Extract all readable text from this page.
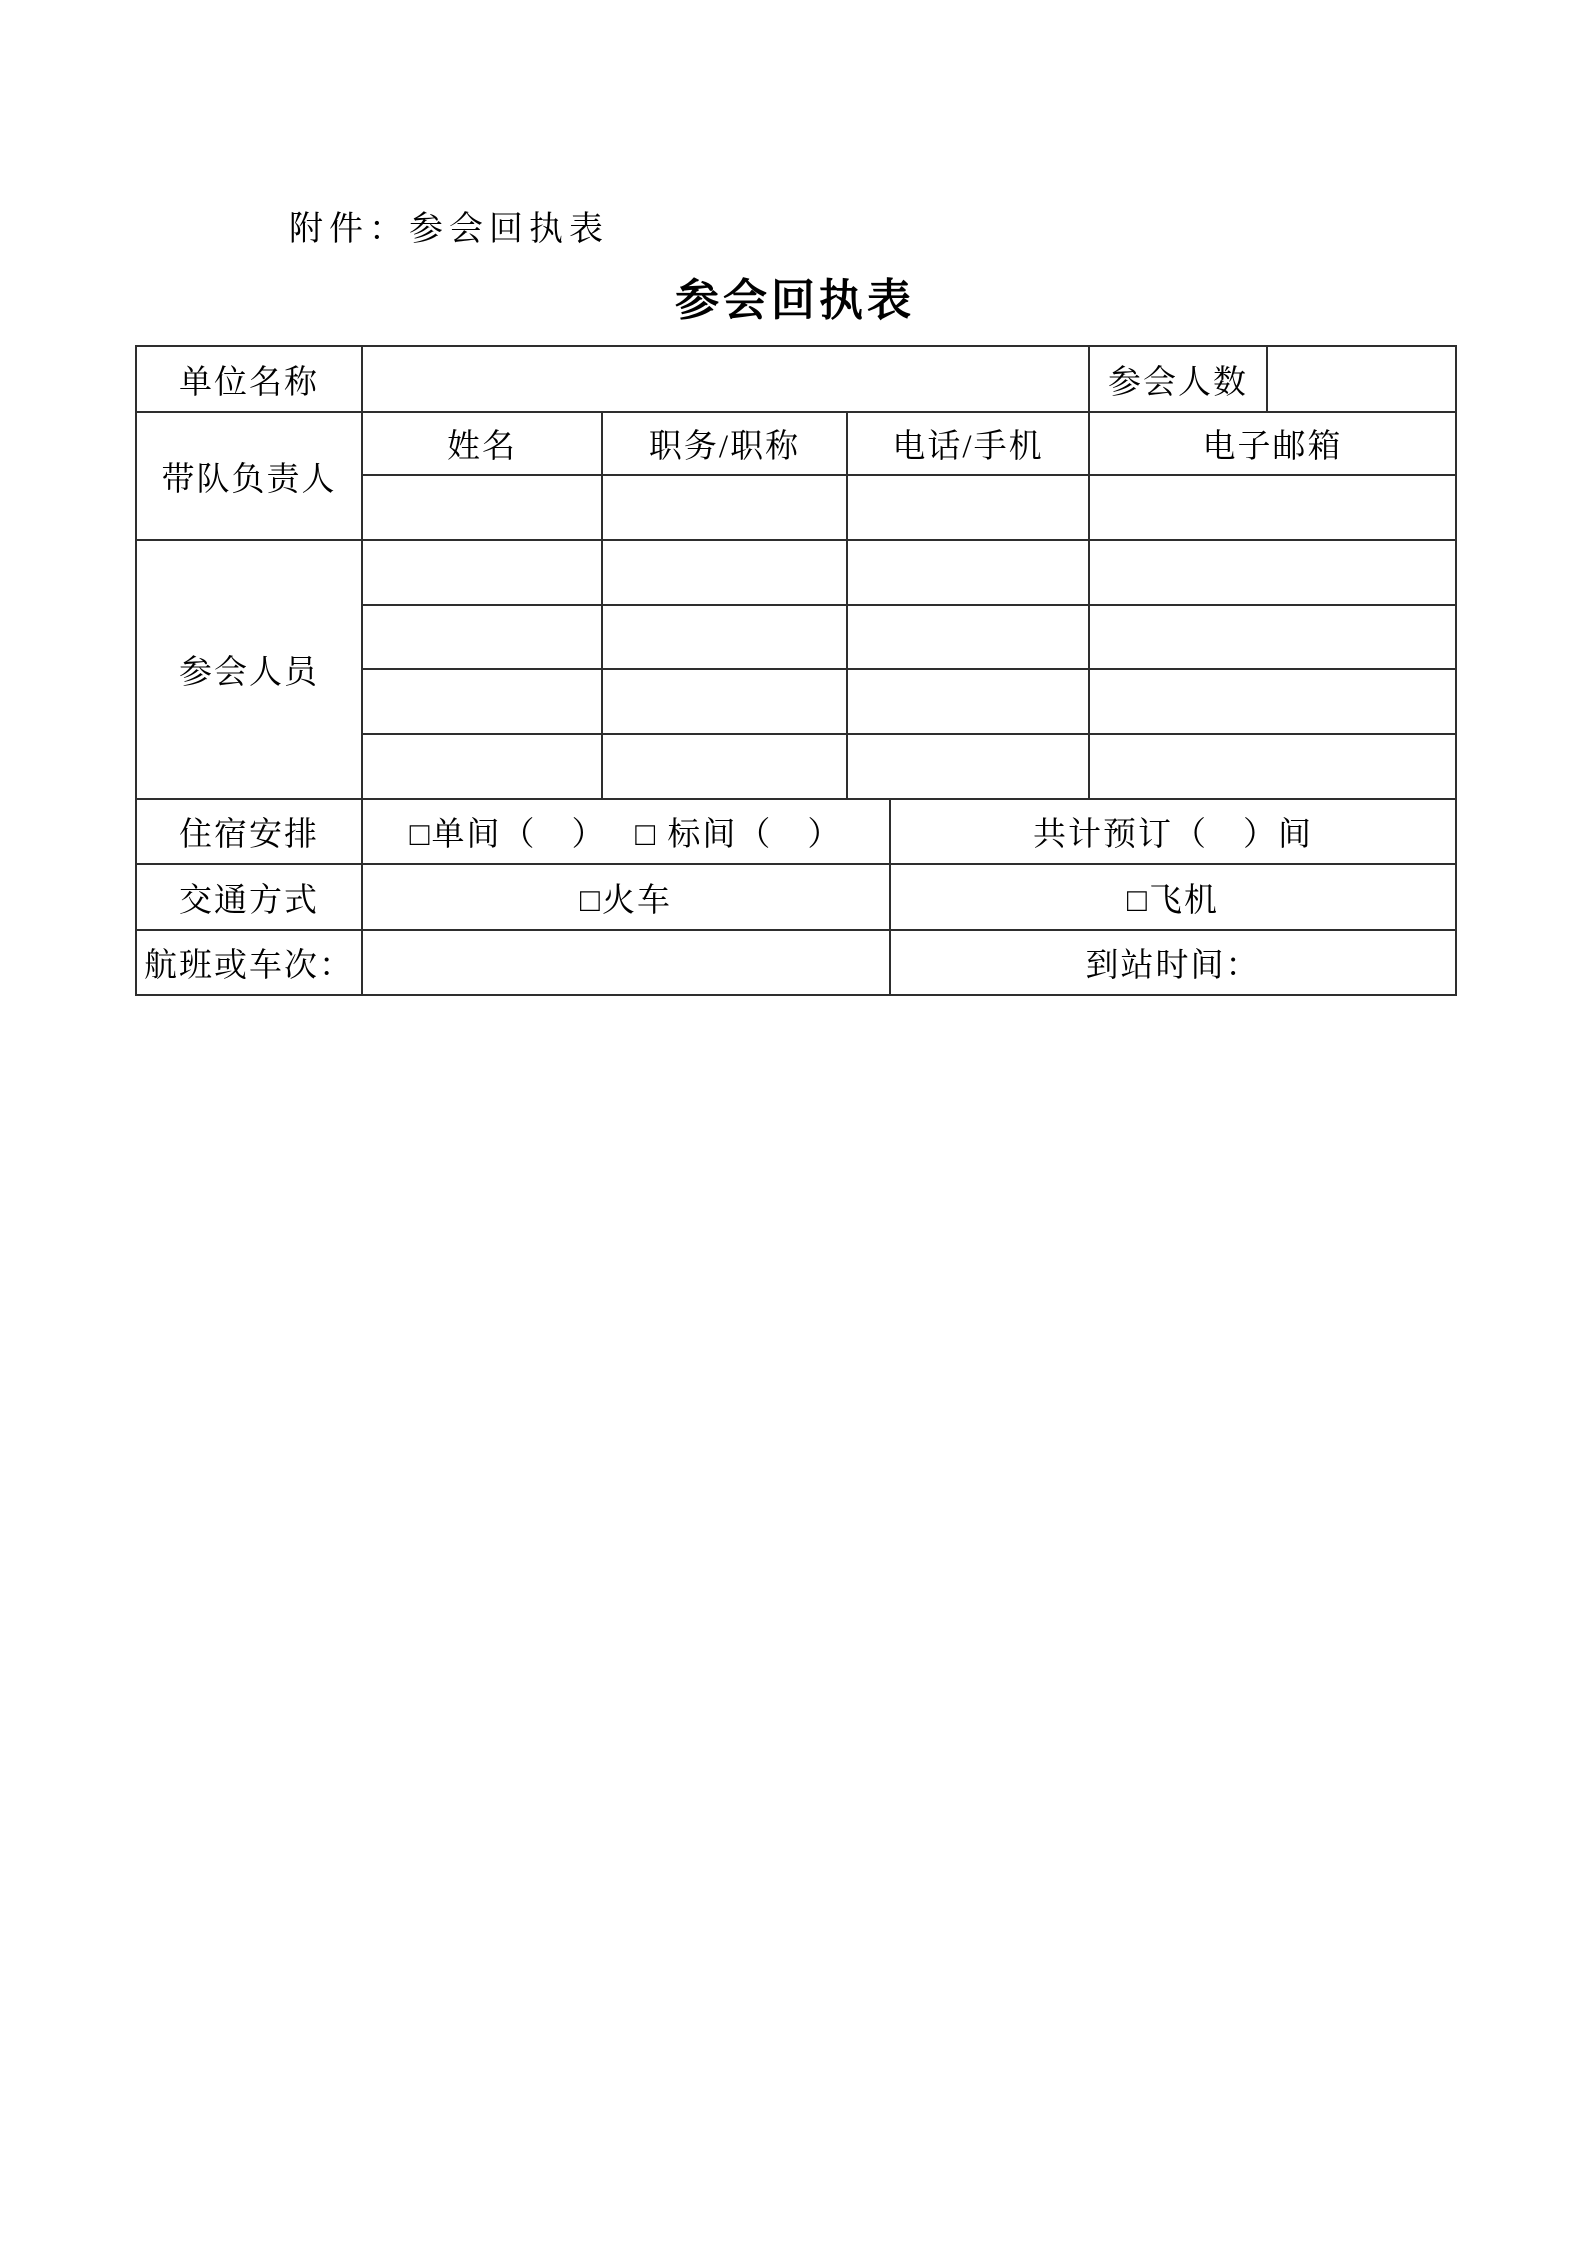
附件：参会回执表
参会回执表
单位名称					参会人数	
带队负责人	姓名	职务/职称	电话/手机		电子邮箱	

参会人员						

住宿安排	□单间（　）　 □ 标间（　）			共计预订（　）间		
交通方式	□火车			□飞机		
航班或车次：				到站时间：		
